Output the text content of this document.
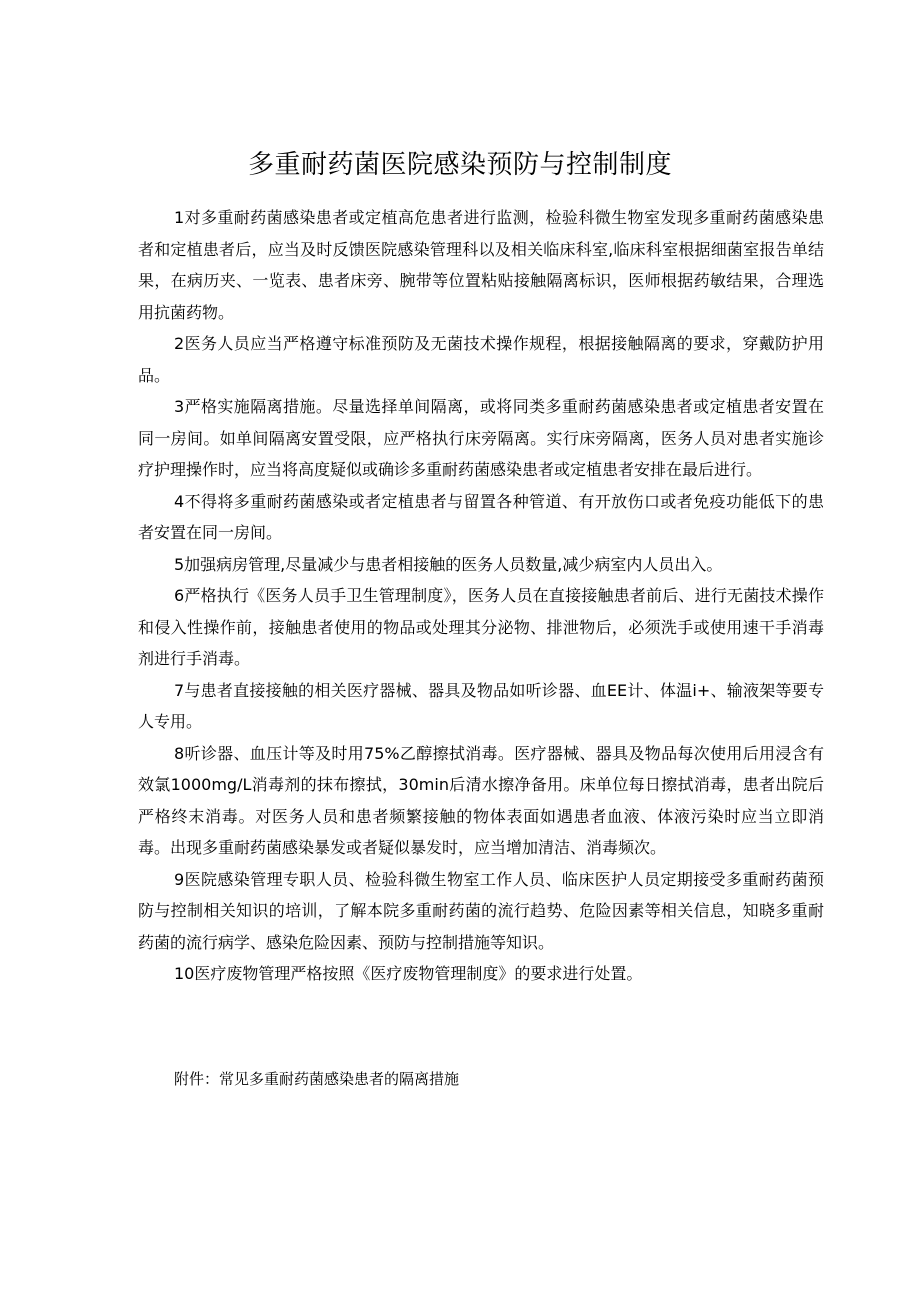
多重耐药菌医院感染预防与控制制度

1对多重耐药菌感染患者或定植高危患者进行监测，检验科微生物室发现多重耐药菌感染患者和定植患者后，应当及时反馈医院感染管理科以及相关临床科室,临床科室根据细菌室报告单结果，在病历夹、一览表、患者床旁、腕带等位置粘贴接触隔离标识，医师根据药敏结果，合理选用抗菌药物。

2医务人员应当严格遵守标准预防及无菌技术操作规程，根据接触隔离的要求，穿戴防护用品。

3严格实施隔离措施。尽量选择单间隔离，或将同类多重耐药菌感染患者或定植患者安置在同一房间。如单间隔离安置受限，应严格执行床旁隔离。实行床旁隔离，医务人员对患者实施诊疗护理操作时，应当将高度疑似或确诊多重耐药菌感染患者或定植患者安排在最后进行。

4不得将多重耐药菌感染或者定植患者与留置各种管道、有开放伤口或者免疫功能低下的患者安置在同一房间。

5加强病房管理,尽量减少与患者相接触的医务人员数量,减少病室内人员出入。

6严格执行《医务人员手卫生管理制度》，医务人员在直接接触患者前后、进行无菌技术操作和侵入性操作前，接触患者使用的物品或处理其分泌物、排泄物后，必须洗手或使用速干手消毒剂进行手消毒。

7与患者直接接触的相关医疗器械、器具及物品如听诊器、血EE计、体温i+、输液架等要专人专用。

8听诊器、血压计等及时用75%乙醇擦拭消毒。医疗器械、器具及物品每次使用后用浸含有效氯1000mg/L消毒剂的抹布擦拭，30min后清水擦净备用。床单位每日擦拭消毒，患者出院后严格终末消毒。对医务人员和患者频繁接触的物体表面如遇患者血液、体液污染时应当立即消毒。出现多重耐药菌感染暴发或者疑似暴发时，应当增加清洁、消毒频次。

9医院感染管理专职人员、检验科微生物室工作人员、临床医护人员定期接受多重耐药菌预防与控制相关知识的培训，了解本院多重耐药菌的流行趋势、危险因素等相关信息，知晓多重耐药菌的流行病学、感染危险因素、预防与控制措施等知识。

10医疗废物管理严格按照《医疗废物管理制度》的要求进行处置。

附件：常见多重耐药菌感染患者的隔离措施
